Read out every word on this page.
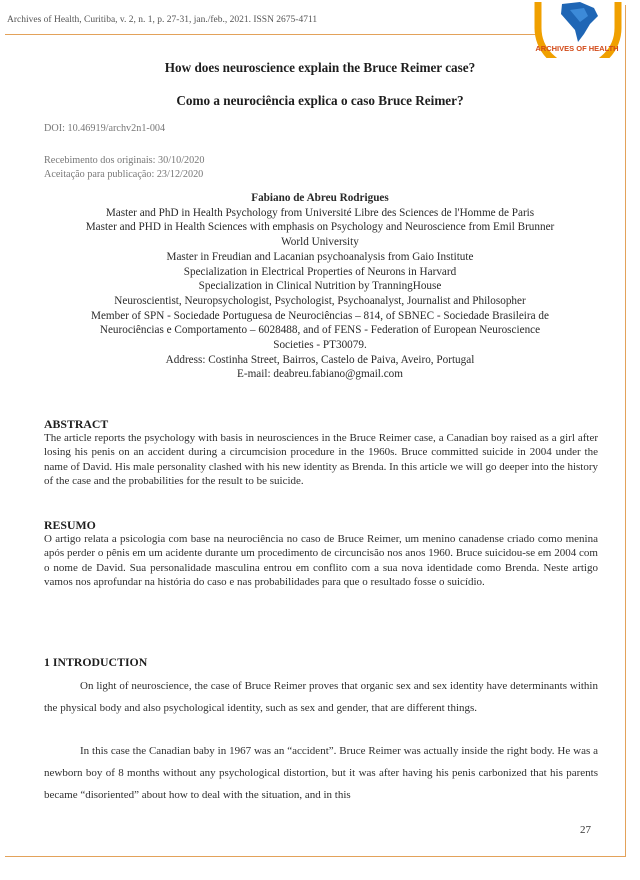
Archives of Health, Curitiba, v. 2, n. 1, p. 27-31, jan./feb., 2021. ISSN 2675-4711
ARCHIVES OF HEALTH
How does neuroscience explain the Bruce Reimer case?
Como a neurociência explica o caso Bruce Reimer?
DOI: 10.46919/archv2n1-004
Recebimento dos originais: 30/10/2020
Aceitação para publicação: 23/12/2020
Fabiano de Abreu Rodrigues
Master and PhD in Health Psychology from Université Libre des Sciences de l'Homme de Paris
Master and PHD in Health Sciences with emphasis on Psychology and Neuroscience from Emil Brunner
World University
Master in Freudian and Lacanian psychoanalysis from Gaio Institute
Specialization in Electrical Properties of Neurons in Harvard
Specialization in Clinical Nutrition by TranningHouse
Neuroscientist, Neuropsychologist, Psychologist, Psychoanalyst, Journalist and Philosopher
Member of SPN - Sociedade Portuguesa de Neurociências – 814, of SBNEC - Sociedade Brasileira de
Neurociências e Comportamento – 6028488, and of FENS - Federation of European Neuroscience
Societies - PT30079.
Address: Costinha Street, Bairros, Castelo de Paiva, Aveiro, Portugal
E-mail: deabreu.fabiano@gmail.com
ABSTRACT
The article reports the psychology with basis in neurosciences in the Bruce Reimer case, a Canadian boy raised as a girl after losing his penis on an accident during a circumcision procedure in the 1960s. Bruce committed suicide in 2004 under the name of David. His male personality clashed with his new identity as Brenda. In this article we will go deeper into the history of the case and the probabilities for the result to be suicide.
RESUMO
O artigo relata a psicologia com base na neurociência no caso de Bruce Reimer, um menino canadense criado como menina após perder o pênis em um acidente durante um procedimento de circuncisão nos anos 1960. Bruce suicidou-se em 2004 com o nome de David. Sua personalidade masculina entrou em conflito com a sua nova identidade como Brenda. Neste artigo vamos nos aprofundar na história do caso e nas probabilidades para que o resultado fosse o suicídio.
1 INTRODUCTION
On light of neuroscience, the case of Bruce Reimer proves that organic sex and sex identity have determinants within the physical body and also psychological identity, such as sex and gender, that are different things.
In this case the Canadian baby in 1967 was an “accident”. Bruce Reimer was actually inside the right body. He was a newborn boy of 8 months without any psychological distortion, but it was after having his penis carbonized that his parents became “disoriented” about how to deal with the situation, and in this
27
